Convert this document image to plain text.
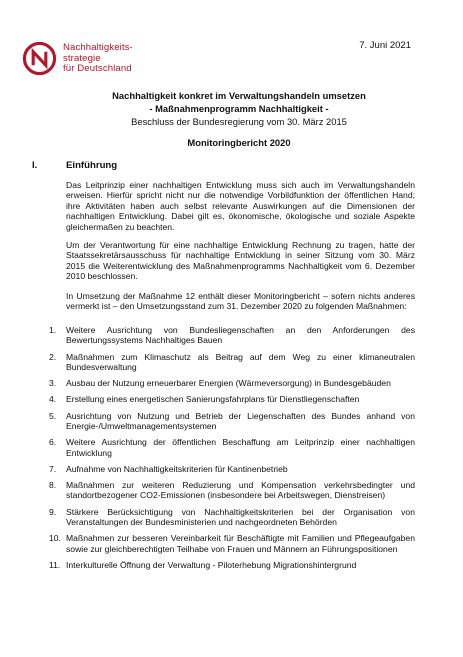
Nachhaltigkeits-
strategie
für Deutschland
7. Juni 2021
Nachhaltigkeit konkret im Verwaltungshandeln umsetzen
- Maßnahmenprogramm Nachhaltigkeit -
Beschluss der Bundesregierung vom 30. März 2015
Monitoringbericht 2020
I.	Einführung
Das Leitprinzip einer nachhaltigen Entwicklung muss sich auch im Verwaltungshandeln erweisen. Hierfür spricht nicht nur die notwendige Vorbildfunktion der öffentlichen Hand; ihre Aktivitäten haben auch selbst relevante Auswirkungen auf die Dimensionen der nachhaltigen Entwicklung. Dabei gilt es, ökonomische, ökologische und soziale Aspekte gleichermaßen zu beachten.
Um der Verantwortung für eine nachhaltige Entwicklung Rechnung zu tragen, hatte der Staatssekretärsausschuss für nachhaltige Entwicklung in seiner Sitzung vom 30. März 2015 die Weiterentwicklung des Maßnahmenprogramms Nachhaltigkeit vom 6. Dezember 2010 beschlossen.
In Umsetzung der Maßnahme 12 enthält dieser Monitoringbericht – sofern nichts anderes vermerkt ist – den Umsetzungsstand zum 31. Dezember 2020 zu folgenden Maßnahmen:
1.	Weitere Ausrichtung von Bundesliegenschaften an den Anforderungen des Bewertungssystems Nachhaltiges Bauen
2.	Maßnahmen zum Klimaschutz als Beitrag auf dem Weg zu einer klimaneutralen Bundesverwaltung
3.	Ausbau der Nutzung erneuerbarer Energien (Wärmeversorgung) in Bundesgebäuden
4.	Erstellung eines energetischen Sanierungsfahrplans für Dienstliegenschaften
5.	Ausrichtung von Nutzung und Betrieb der Liegenschaften des Bundes anhand von Energie-/Umweltmanagementsystemen
6.	Weitere Ausrichtung der öffentlichen Beschaffung am Leitprinzip einer nachhaltigen Entwicklung
7.	Aufnahme von Nachhaltigkeitskriterien für Kantinenbetrieb
8.	Maßnahmen zur weiteren Reduzierung und Kompensation verkehrsbedingter und standortbezogener CO2-Emissionen (insbesondere bei Arbeitswegen, Dienstreisen)
9.	Stärkere Berücksichtigung von Nachhaltigkeitskriterien bei der Organisation von Veranstaltungen der Bundesministerien und nachgeordneten Behörden
10. Maßnahmen zur besseren Vereinbarkeit für Beschäftigte mit Familien und Pflegeaufgaben sowie zur gleichberechtigten Teilhabe von Frauen und Männern an Führungspositionen
11. Interkulturelle Öffnung der Verwaltung - Piloterhebung Migrationshintergrund
